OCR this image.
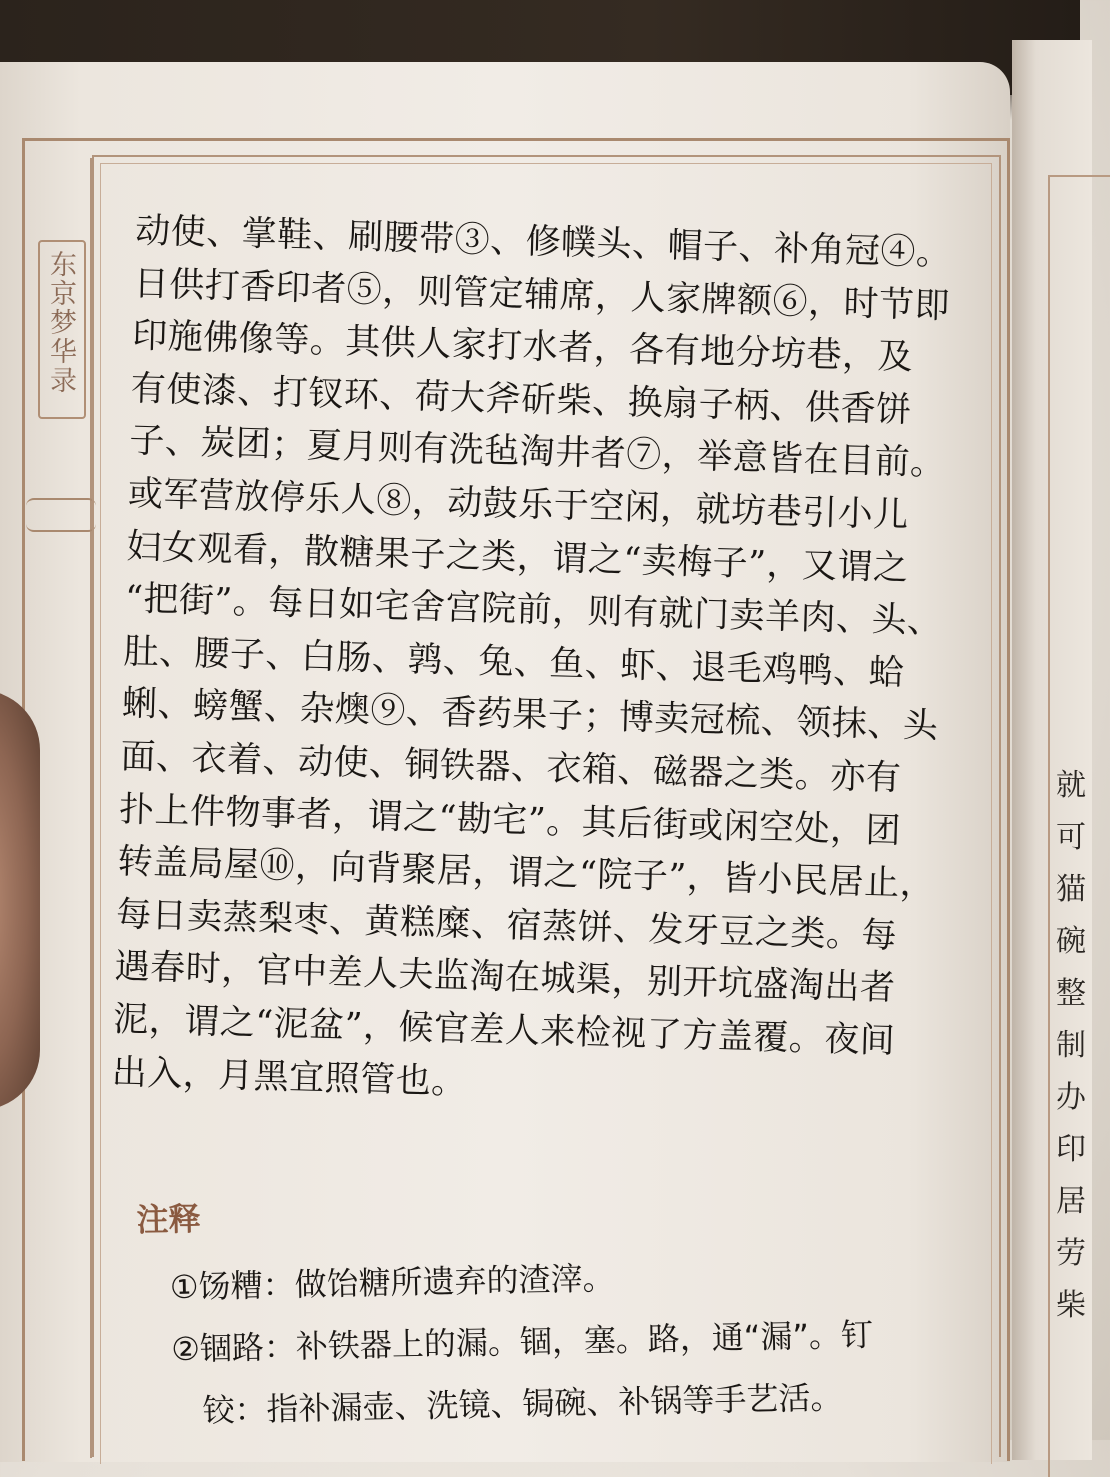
就
可
猫
碗
整
制
办
印
居
劳
柴
东京梦华录
动使、掌鞋、刷腰带③、修幞头、帽子、补角冠④。
日供打香印者⑤，则管定辅席，人家牌额⑥，时节即
印施佛像等。其供人家打水者，各有地分坊巷，及
有使漆、打钗环、荷大斧斫柴、换扇子柄、供香饼
子、炭团；夏月则有洗毡淘井者⑦，举意皆在目前。
或军营放停乐人⑧，动鼓乐于空闲，就坊巷引小儿
妇女观看，散糖果子之类，谓之“卖梅子”，又谓之
“把街”。每日如宅舍宫院前，则有就门卖羊肉、头、
肚、腰子、白肠、鹑、兔、鱼、虾、退毛鸡鸭、蛤
蜊、螃蟹、杂燠⑨、香药果子；博卖冠梳、领抹、头
面、衣着、动使、铜铁器、衣箱、磁器之类。亦有
扑上件物事者，谓之“勘宅”。其后街或闲空处，团
转盖局屋⑩，向背聚居，谓之“院子”，皆小民居止，
每日卖蒸梨枣、黄糕糜、宿蒸饼、发牙豆之类。每
遇春时，官中差人夫监淘在城渠，别开坑盛淘出者
泥，谓之“泥盆”，候官差人来检视了方盖覆。夜间
出入，月黑宜照管也。
注释
①饧糟：做饴糖所遗弃的渣滓。
②锢路：补铁器上的漏。锢，塞。路，通“漏”。钉
铰：指补漏壶、洗镜、锔碗、补锅等手艺活。
